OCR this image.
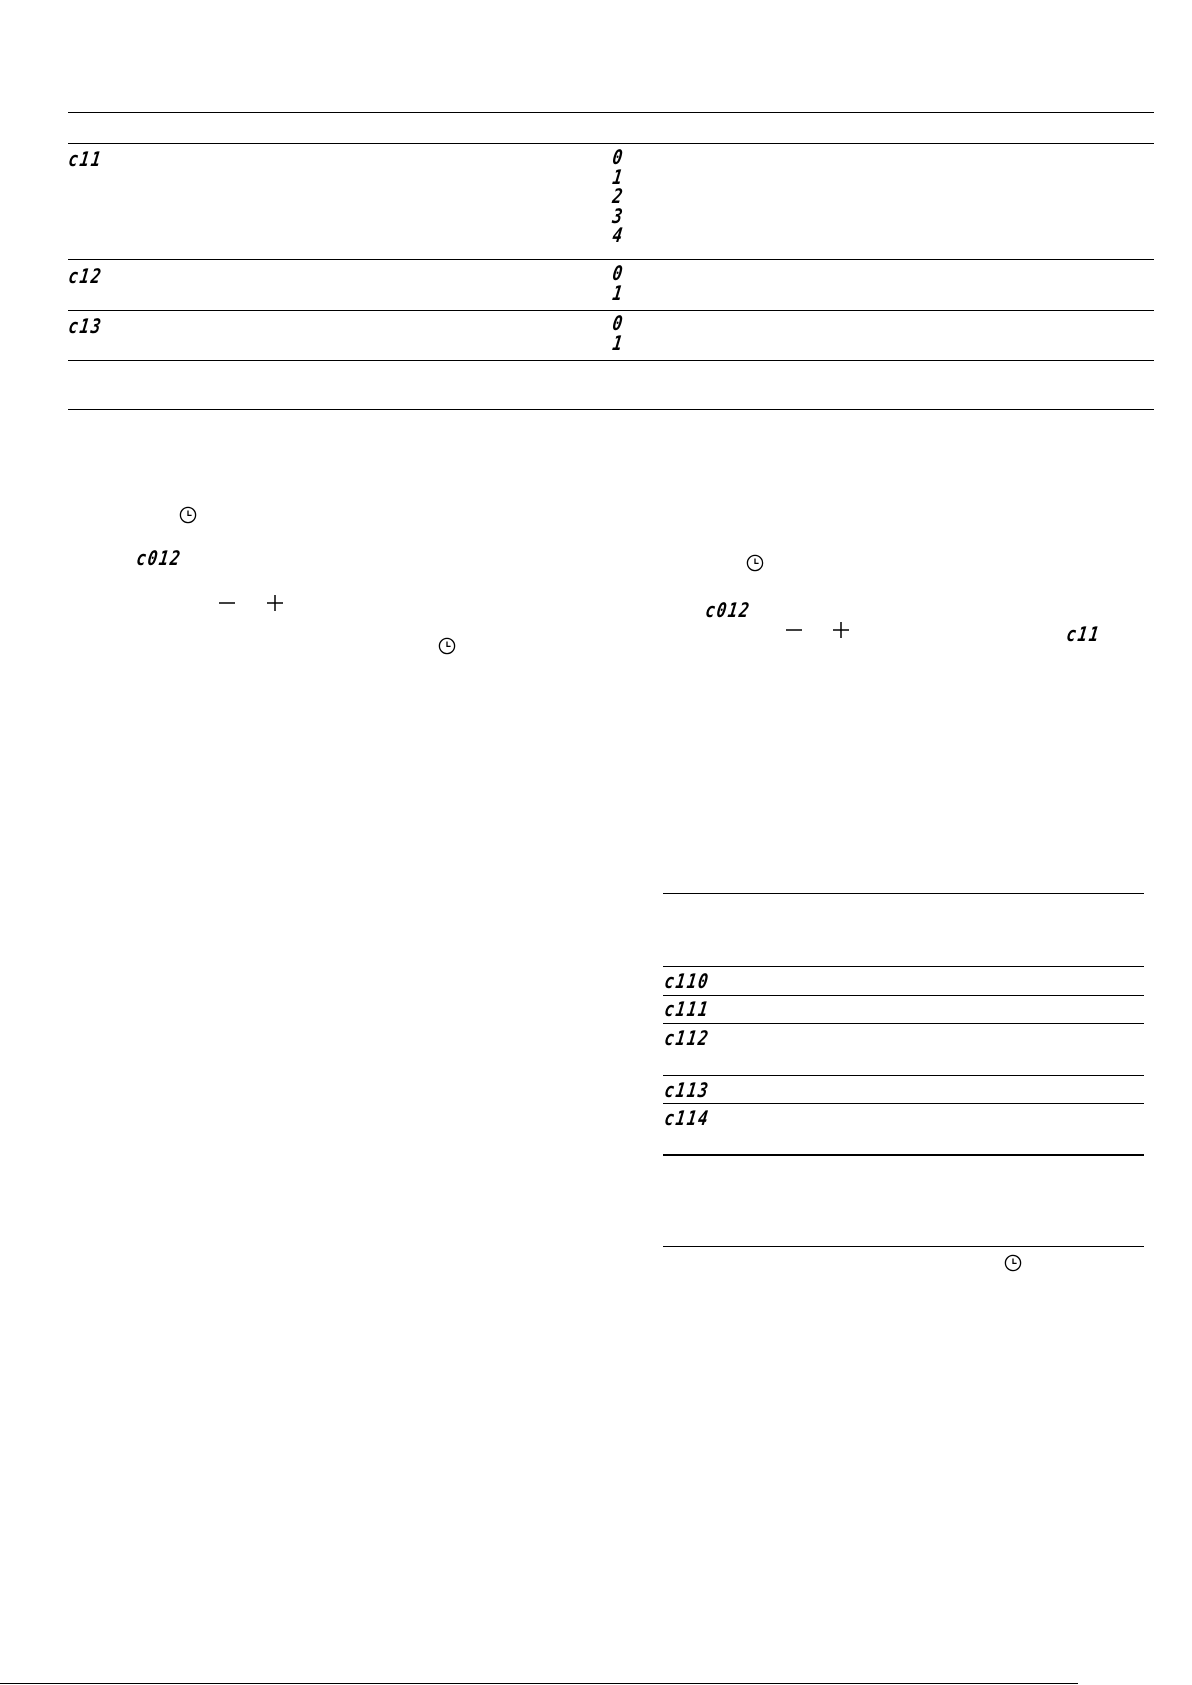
c11	0
1
2
3
4
c12	0
1
c13	0
1
c012
c012
c11
c110
c111
c112
c113
c114
